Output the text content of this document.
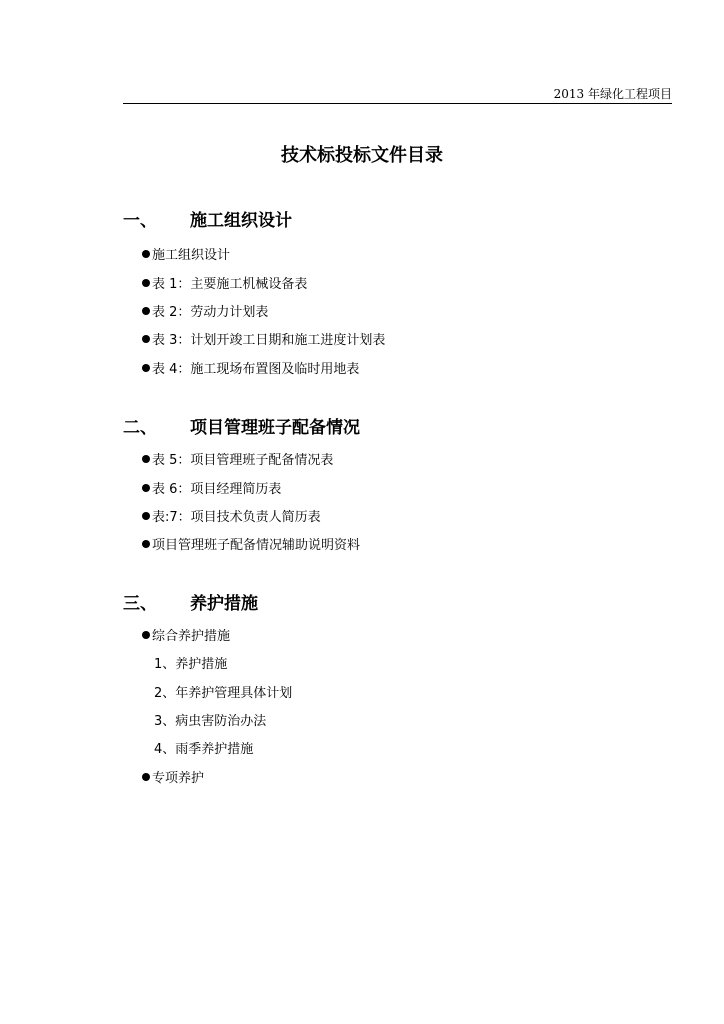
2013 年绿化工程项目
技术标投标文件目录
一、 施工组织设计
施工组织设计
表 1：主要施工机械设备表
表 2：劳动力计划表
表 3：计划开竣工日期和施工进度计划表
表 4：施工现场布置图及临时用地表
二、 项目管理班子配备情况
表 5：项目管理班子配备情况表
表 6：项目经理简历表
表:7：项目技术负责人简历表
项目管理班子配备情况辅助说明资料
三、 养护措施
综合养护措施
1、养护措施
2、年养护管理具体计划
3、病虫害防治办法
4、雨季养护措施
专项养护
